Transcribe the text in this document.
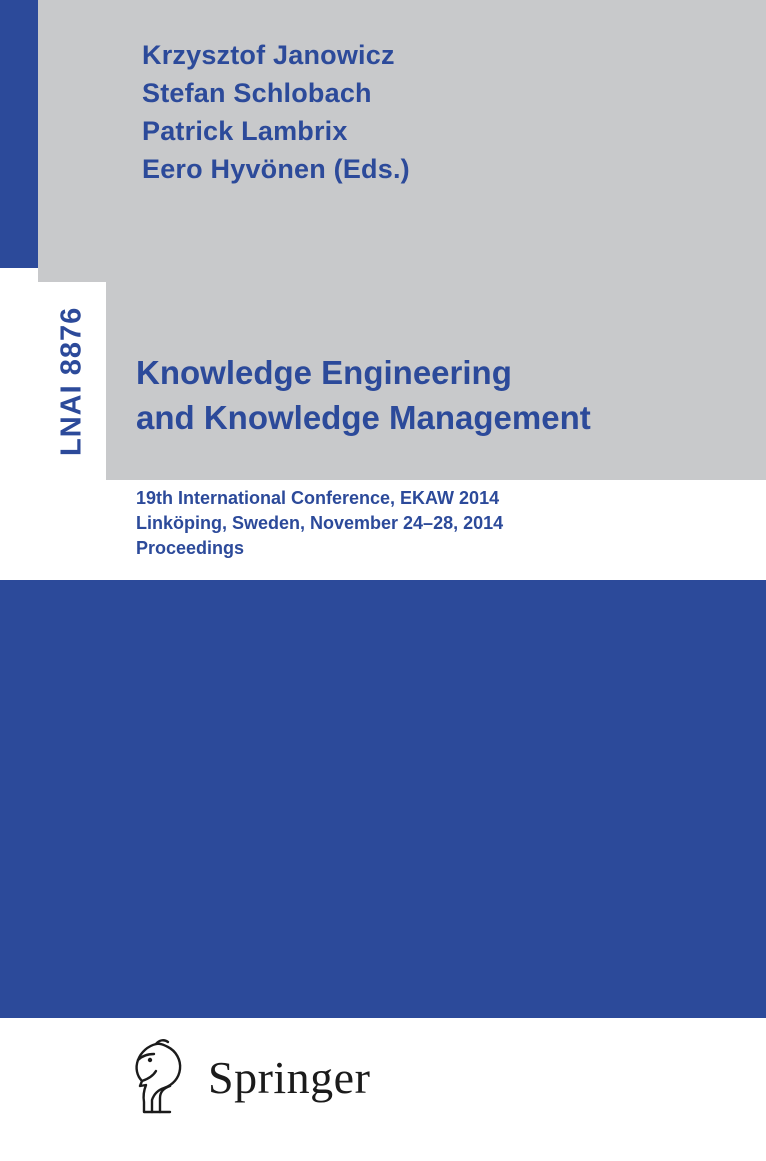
LNAI 8876
Krzysztof Janowicz
Stefan Schlobach
Patrick Lambrix
Eero Hyvönen (Eds.)
Knowledge Engineering
and Knowledge Management
19th International Conference, EKAW 2014
Linköping, Sweden, November 24–28, 2014
Proceedings
Springer
